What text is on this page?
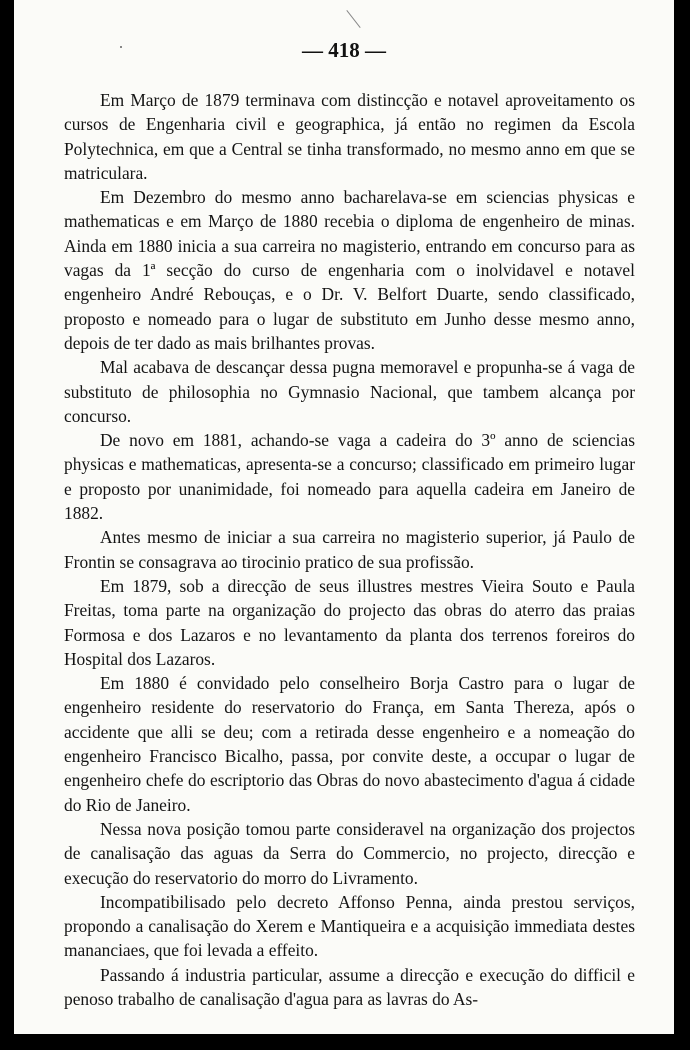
— 418 —

Em Março de 1879 terminava com distincção e notavel aproveitamento os cursos de Engenharia civil e geographica, já então no regimen da Escola Polytechnica, em que a Central se tinha transformado, no mesmo anno em que se matriculara.

Em Dezembro do mesmo anno bacharelava-se em sciencias physicas e mathematicas e em Março de 1880 recebia o diploma de engenheiro de minas. Ainda em 1880 inicia a sua carreira no magisterio, entrando em concurso para as vagas da 1ª secção do curso de engenharia com o inolvidavel e notavel engenheiro André Rebouças, e o Dr. V. Belfort Duarte, sendo classificado, proposto e nomeado para o lugar de substituto em Junho desse mesmo anno, depois de ter dado as mais brilhantes provas.

Mal acabava de descançar dessa pugna memoravel e propunha-se á vaga de substituto de philosophia no Gymnasio Nacional, que tambem alcança por concurso.

De novo em 1881, achando-se vaga a cadeira do 3º anno de sciencias physicas e mathematicas, apresenta-se a concurso; classificado em primeiro lugar e proposto por unanimidade, foi nomeado para aquella cadeira em Janeiro de 1882.

Antes mesmo de iniciar a sua carreira no magisterio superior, já Paulo de Frontin se consagrava ao tirocinio pratico de sua profissão.

Em 1879, sob a direcção de seus illustres mestres Vieira Souto e Paula Freitas, toma parte na organização do projecto das obras do aterro das praias Formosa e dos Lazaros e no levantamento da planta dos terrenos foreiros do Hospital dos Lazaros.

Em 1880 é convidado pelo conselheiro Borja Castro para o lugar de engenheiro residente do reservatorio do França, em Santa Thereza, após o accidente que alli se deu; com a retirada desse engenheiro e a nomeação do engenheiro Francisco Bicalho, passa, por convite deste, a occupar o lugar de engenheiro chefe do escriptorio das Obras do novo abastecimento d'agua á cidade do Rio de Janeiro.

Nessa nova posição tomou parte consideravel na organização dos projectos de canalisação das aguas da Serra do Commercio, no projecto, direcção e execução do reservatorio do morro do Livramento.

Incompatibilisado pelo decreto Affonso Penna, ainda prestou serviços, propondo a canalisação do Xerem e Mantiqueira e a acquisição immediata destes mananciaes, que foi levada a effeito.

Passando á industria particular, assume a direcção e execução do difficil e penoso trabalho de canalisação d'agua para as lavras do As-
